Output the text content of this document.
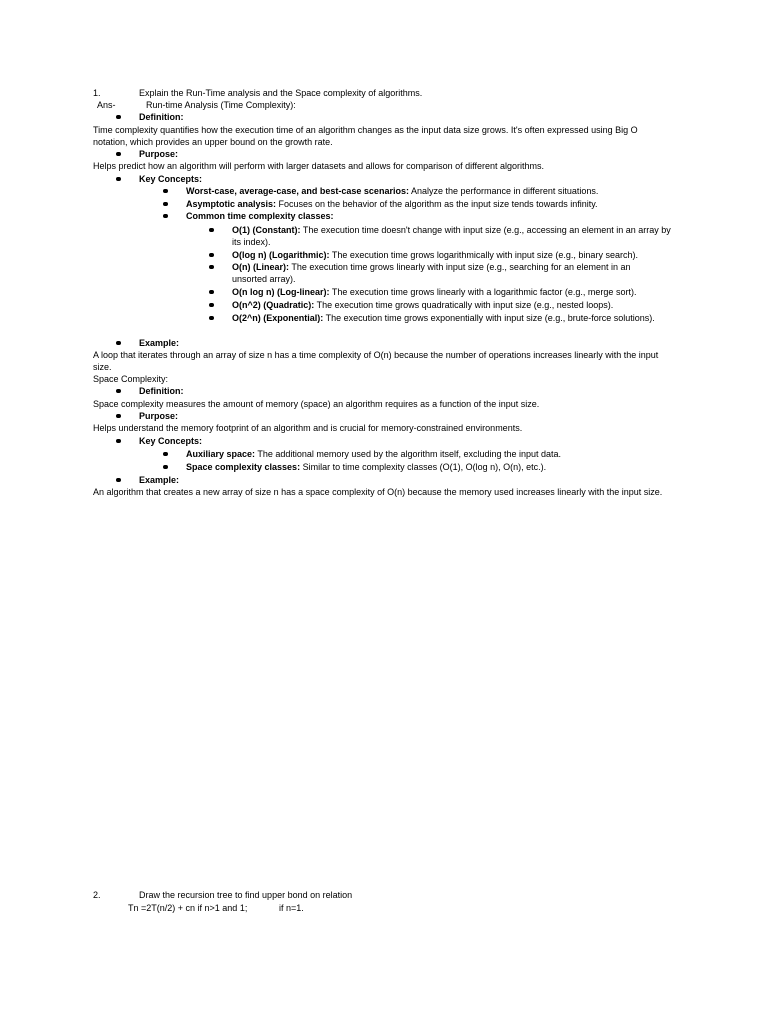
1.	Explain the Run-Time analysis and the Space complexity of algorithms.
Ans-	Run-time Analysis (Time Complexity):
Definition:
Time complexity quantifies how the execution time of an algorithm changes as the input data size grows. It's often expressed using Big O notation, which provides an upper bound on the growth rate.
Purpose:
Helps predict how an algorithm will perform with larger datasets and allows for comparison of different algorithms.
Key Concepts:
Worst-case, average-case, and best-case scenarios: Analyze the performance in different situations.
Asymptotic analysis: Focuses on the behavior of the algorithm as the input size tends towards infinity.
Common time complexity classes:
O(1) (Constant): The execution time doesn't change with input size (e.g., accessing an element in an array by its index).
O(log n) (Logarithmic): The execution time grows logarithmically with input size (e.g., binary search).
O(n) (Linear): The execution time grows linearly with input size (e.g., searching for an element in an unsorted array).
O(n log n) (Log-linear): The execution time grows linearly with a logarithmic factor (e.g., merge sort).
O(n^2) (Quadratic): The execution time grows quadratically with input size (e.g., nested loops).
O(2^n) (Exponential): The execution time grows exponentially with input size (e.g., brute-force solutions).
Example:
A loop that iterates through an array of size n has a time complexity of O(n) because the number of operations increases linearly with the input size.
Space Complexity:
Definition:
Space complexity measures the amount of memory (space) an algorithm requires as a function of the input size.
Purpose:
Helps understand the memory footprint of an algorithm and is crucial for memory-constrained environments.
Key Concepts:
Auxiliary space: The additional memory used by the algorithm itself, excluding the input data.
Space complexity classes: Similar to time complexity classes (O(1), O(log n), O(n), etc.).
Example:
An algorithm that creates a new array of size n has a space complexity of O(n) because the memory used increases linearly with the input size.
2.	Draw the recursion tree to find upper bond on relation
Tn =2T(n/2) + cn if n>1 and 1;	if n=1.
